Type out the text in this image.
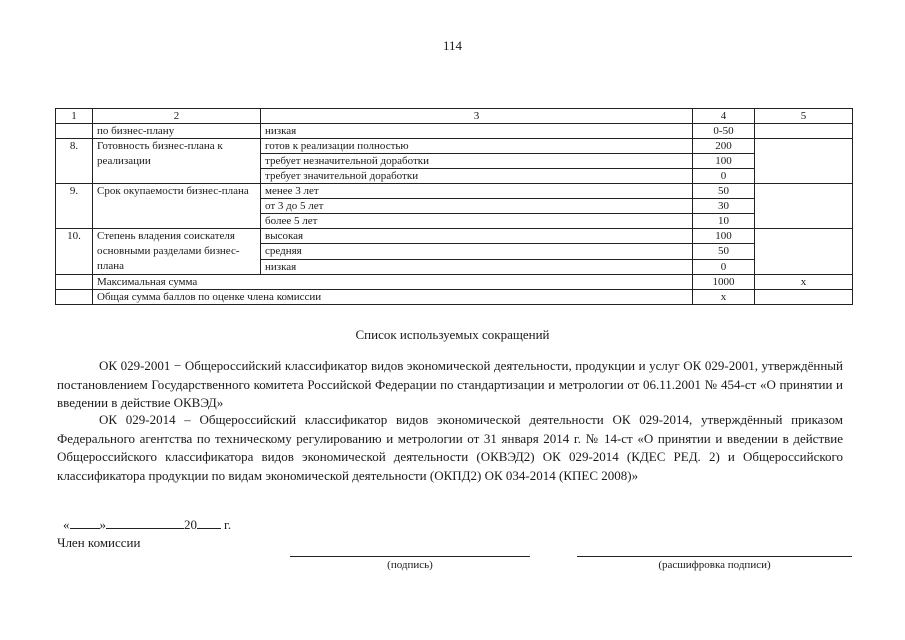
114
1	2	3	4	5
	по бизнес-плану	низкая	0-50	
8.	Готовность бизнес-плана к реализации	готов к реализации полностью	200	
		требует незначительной доработки	100	
		требует значительной доработки	0	
9.	Срок окупаемости бизнес-плана	менее 3 лет	50	
		от 3 до 5 лет	30	
		более 5 лет	10	
10.	Степень владения соискателя основными разделами бизнес-плана	высокая	100	
		средняя	50	
		низкая	0	
	Максимальная сумма		1000	х
	Общая сумма баллов по оценке члена комиссии		х	
Список используемых сокращений

ОК 029-2001 − Общероссийский классификатор видов экономической деятельности, продукции и услуг ОК 029-2001, утверждённый постановлением Государственного комитета Российской Федерации по стандартизации и метрологии от 06.11.2001 № 454-ст «О принятии и введении в действие ОКВЭД»

ОК 029-2014 – Общероссийский классификатор видов экономической деятельности ОК 029-2014, утверждённый приказом Федерального агентства по техническому регулированию и метрологии от 31 января 2014 г. № 14-ст «О принятии и введении в действие Общероссийского классификатора видов экономической деятельности (ОКВЭД2) ОК 029-2014 (КДЕС РЕД. 2) и Общероссийского классификатора продукции по видам экономической деятельности (ОКПД2) ОК 034-2014 (КПЕС 2008)»

« »	20 г.
Член комиссии
(подпись)	(расшифровка подписи)
